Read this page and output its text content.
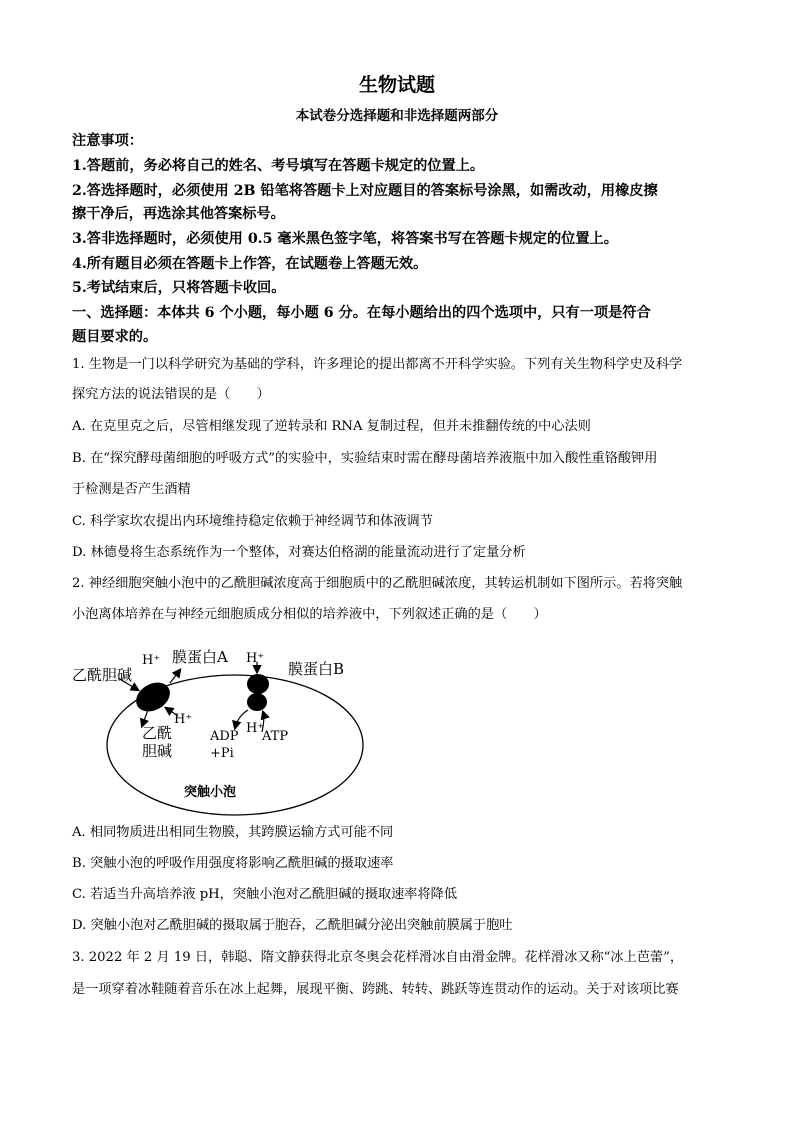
生物试题
本试卷分选择题和非选择题两部分
注意事项：
1.答题前，务必将自己的姓名、考号填写在答题卡规定的位置上。
2.答选择题时，必须使用 2B 铅笔将答题卡上对应题目的答案标号涂黑，如需改动，用橡皮擦
擦干净后，再选涂其他答案标号。
3.答非选择题时，必须使用 0.5 毫米黑色签字笔，将答案书写在答题卡规定的位置上。
4.所有题目必须在答题卡上作答，在试题卷上答题无效。
5.考试结束后，只将答题卡收回。
一、选择题：本体共 6 个小题，每小题 6 分。在每小题给出的四个选项中，只有一项是符合
题目要求的。
1. 生物是一门以科学研究为基础的学科，许多理论的提出都离不开科学实验。下列有关生物科学史及科学
探究方法的说法错误的是（　　）
A. 在克里克之后，尽管相继发现了逆转录和 RNA 复制过程，但并未推翻传统的中心法则
B. 在“探究酵母菌细胞的呼吸方式”的实验中，实验结束时需在酵母菌培养液瓶中加入酸性重铬酸钾用
于检测是否产生酒精
C. 科学家坎农提出内环境维持稳定依赖于神经调节和体液调节
D. 林德曼将生态系统作为一个整体，对赛达伯格湖的能量流动进行了定量分析
2. 神经细胞突触小泡中的乙酰胆碱浓度高于细胞质中的乙酰胆碱浓度，其转运机制如下图所示。若将突触
小泡离体培养在与神经元细胞质成分相似的培养液中，下列叙述正确的是（　　）
乙酰胆碱
H⁺ 膜蛋白A H⁺
膜蛋白B
H⁺
乙酰
胆碱
H⁺
ADP
+Pi
ATP
突触小泡
A. 相同物质进出相同生物膜，其跨膜运输方式可能不同
B. 突触小泡的呼吸作用强度将影响乙酰胆碱的摄取速率
C. 若适当升高培养液 pH，突触小泡对乙酰胆碱的摄取速率将降低
D. 突触小泡对乙酰胆碱的摄取属于胞吞，乙酰胆碱分泌出突触前膜属于胞吐
3. 2022 年 2 月 19 日，韩聪、隋文静获得北京冬奥会花样滑冰自由滑金牌。花样滑冰又称“冰上芭蕾”，
是一项穿着冰鞋随着音乐在冰上起舞，展现平衡、跨跳、转转、跳跃等连贯动作的运动。关于对该项比赛
